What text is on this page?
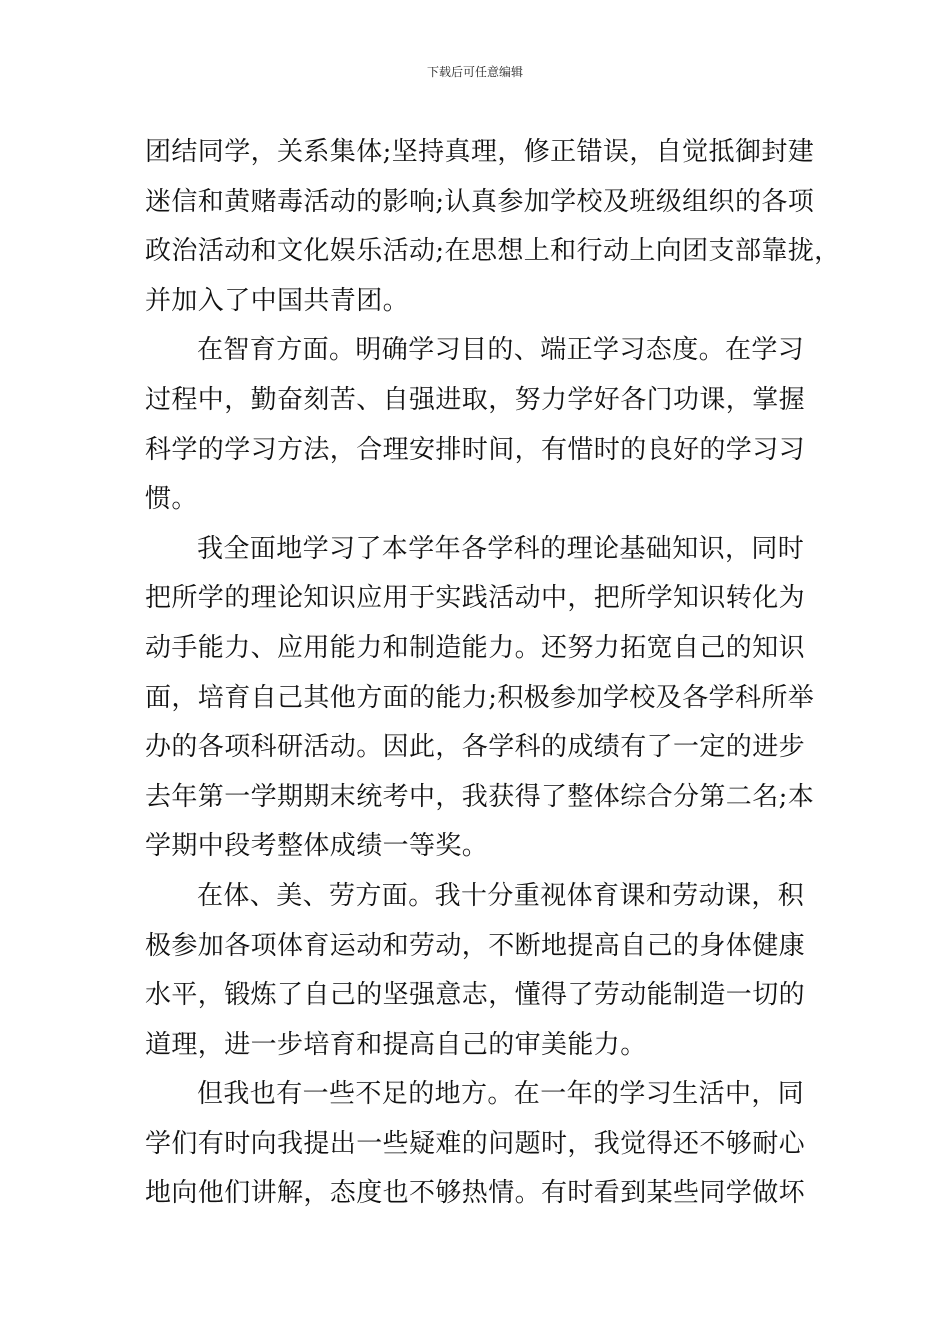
下载后可任意编辑
团结同学，关系集体;坚持真理，修正错误，自觉抵御封建
迷信和黄赌毒活动的影响;认真参加学校及班级组织的各项
政治活动和文化娱乐活动;在思想上和行动上向团支部靠拢，
并加入了中国共青团。
在智育方面。明确学习目的、端正学习态度。在学习
过程中，勤奋刻苦、自强进取，努力学好各门功课，掌握
科学的学习方法，合理安排时间，有惜时的良好的学习习
惯。
我全面地学习了本学年各学科的理论基础知识，同时
把所学的理论知识应用于实践活动中，把所学知识转化为
动手能力、应用能力和制造能力。还努力拓宽自己的知识
面，培育自己其他方面的能力;积极参加学校及各学科所举
办的各项科研活动。因此，各学科的成绩有了一定的进步
去年第一学期期末统考中，我获得了整体综合分第二名;本
学期中段考整体成绩一等奖。
在体、美、劳方面。我十分重视体育课和劳动课，积
极参加各项体育运动和劳动，不断地提高自己的身体健康
水平，锻炼了自己的坚强意志，懂得了劳动能制造一切的
道理，进一步培育和提高自己的审美能力。
但我也有一些不足的地方。在一年的学习生活中，同
学们有时向我提出一些疑难的问题时，我觉得还不够耐心
地向他们讲解，态度也不够热情。有时看到某些同学做坏
